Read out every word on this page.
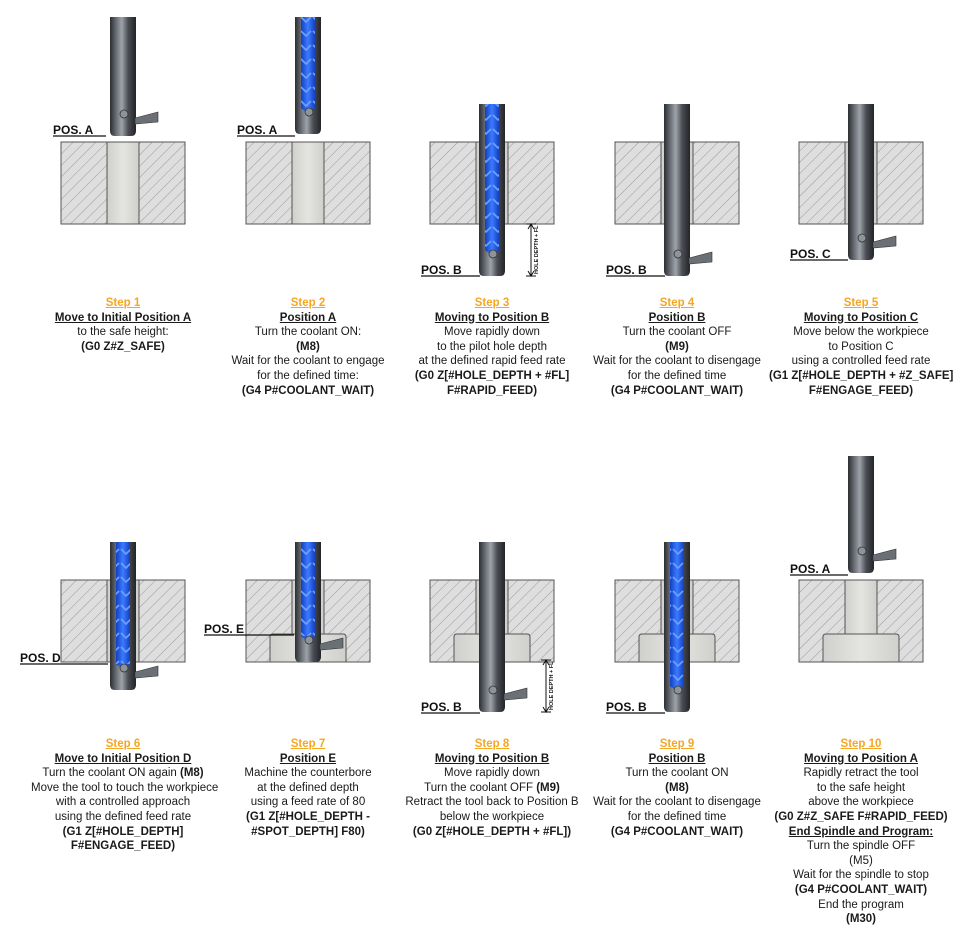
POS. A	POS. A
POS. B	HOLE DEPTH + FL	POS. B
POS. C
POS. D
POS. E
POS. B	HOLE DEPTH + FL	POS. B
POS. A
Step 1
Move to Initial Position A
to the safe height:
(G0 Z#Z_SAFE)
Step 2
Position A
Turn the coolant ON:
(M8)
Wait for the coolant to engage
for the defined time:
(G4 P#COOLANT_WAIT)
Step 3
Moving to Position B
Move rapidly down
to the pilot hole depth
at the defined rapid feed rate
(G0 Z[#HOLE_DEPTH + #FL]
F#RAPID_FEED)
Step 4
Position B
Turn the coolant OFF
(M9)
Wait for the coolant to disengage
for the defined time
(G4 P#COOLANT_WAIT)
Step 5
Moving to Position C
Move below the workpiece
to Position C
using a controlled feed rate
(G1 Z[#HOLE_DEPTH + #Z_SAFE]
F#ENGAGE_FEED)
Step 6
Move to Initial Position D
Turn the coolant ON again (M8)
Move the tool to touch the workpiece
with a controlled approach
using the defined feed rate
(G1 Z[#HOLE_DEPTH]
F#ENGAGE_FEED)
Step 7
Position E
Machine the counterbore
at the defined depth
using a feed rate of 80
(G1 Z[#HOLE_DEPTH -
#SPOT_DEPTH] F80)
Step 8
Moving to Position B
Move rapidly down
Turn the coolant OFF (M9)
Retract the tool back to Position B
below the workpiece
(G0 Z[#HOLE_DEPTH + #FL])
Step 9
Position B
Turn the coolant ON
(M8)
Wait for the coolant to disengage
for the defined time
(G4 P#COOLANT_WAIT)
Step 10
Moving to Position A
Rapidly retract the tool
to the safe height
above the workpiece
(G0 Z#Z_SAFE F#RAPID_FEED)
End Spindle and Program:
Turn the spindle OFF
(M5)
Wait for the spindle to stop
(G4 P#COOLANT_WAIT)
End the program
(M30)
